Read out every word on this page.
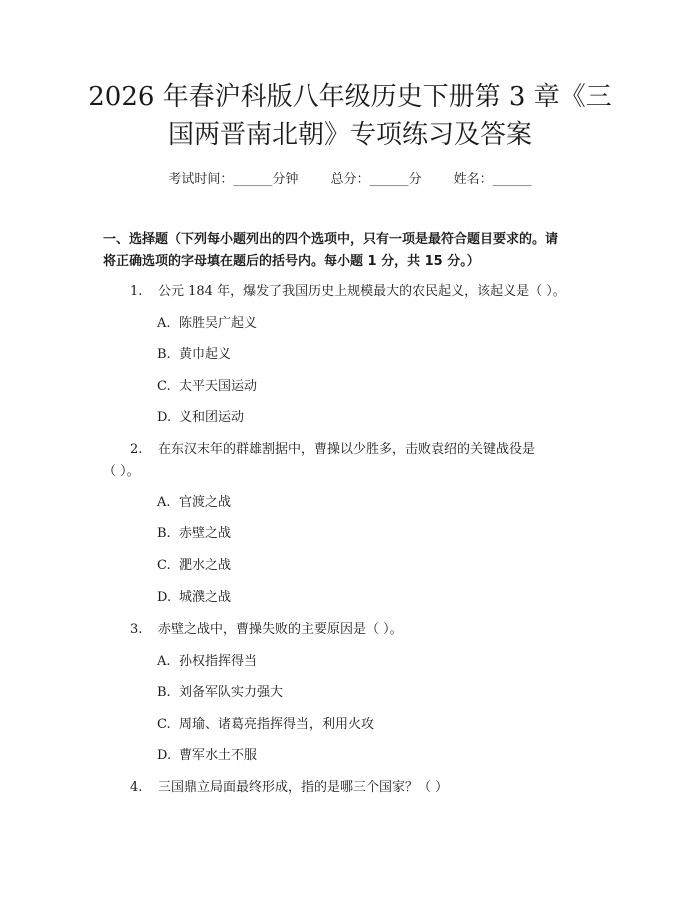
2026 年春沪科版八年级历史下册第 3 章《三
国两晋南北朝》专项练习及答案
考试时间：______分钟 总分：______分 姓名：______
一、选择题（下列每小题列出的四个选项中，只有一项是最符合题目要求的。请
将正确选项的字母填在题后的括号内。每小题 1 分，共 15 分。）
1. 公元 184 年，爆发了我国历史上规模最大的农民起义，该起义是（ ）。
A. 陈胜吴广起义
B. 黄巾起义
C. 太平天国运动
D. 义和团运动
2. 在东汉末年的群雄割据中，曹操以少胜多，击败袁绍的关键战役是
（ ）。
A. 官渡之战
B. 赤壁之战
C. 淝水之战
D. 城濮之战
3. 赤壁之战中，曹操失败的主要原因是（ ）。
A. 孙权指挥得当
B. 刘备军队实力强大
C. 周瑜、诸葛亮指挥得当，利用火攻
D. 曹军水土不服
4. 三国鼎立局面最终形成，指的是哪三个国家？（ ）
